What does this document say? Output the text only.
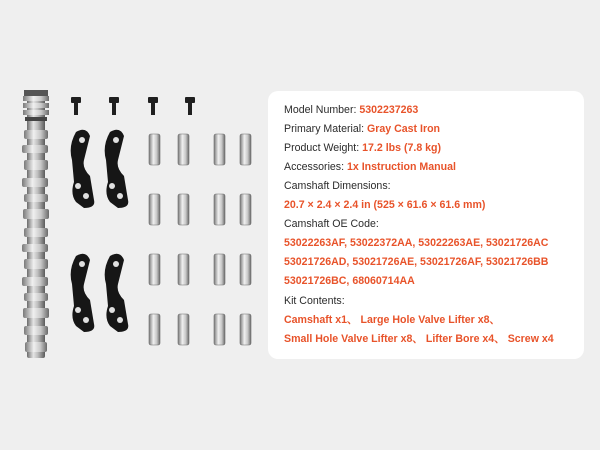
Model Number: 5302237263
Primary Material: Gray Cast Iron
Product Weight: 17.2 lbs (7.8 kg)
Accessories: 1x Instruction Manual
Camshaft Dimensions:
20.7 × 2.4 × 2.4 in (525 × 61.6 × 61.6 mm)
Camshaft OE Code:
53022263AF, 53022372AA, 53022263AE, 53021726AC
53021726AD, 53021726AE, 53021726AF, 53021726BB
53021726BC, 68060714AA
Kit Contents:
Camshaft x1、 Large Hole Valve Lifter x8、
Small Hole Valve Lifter x8、 Lifter Bore x4、 Screw x4
